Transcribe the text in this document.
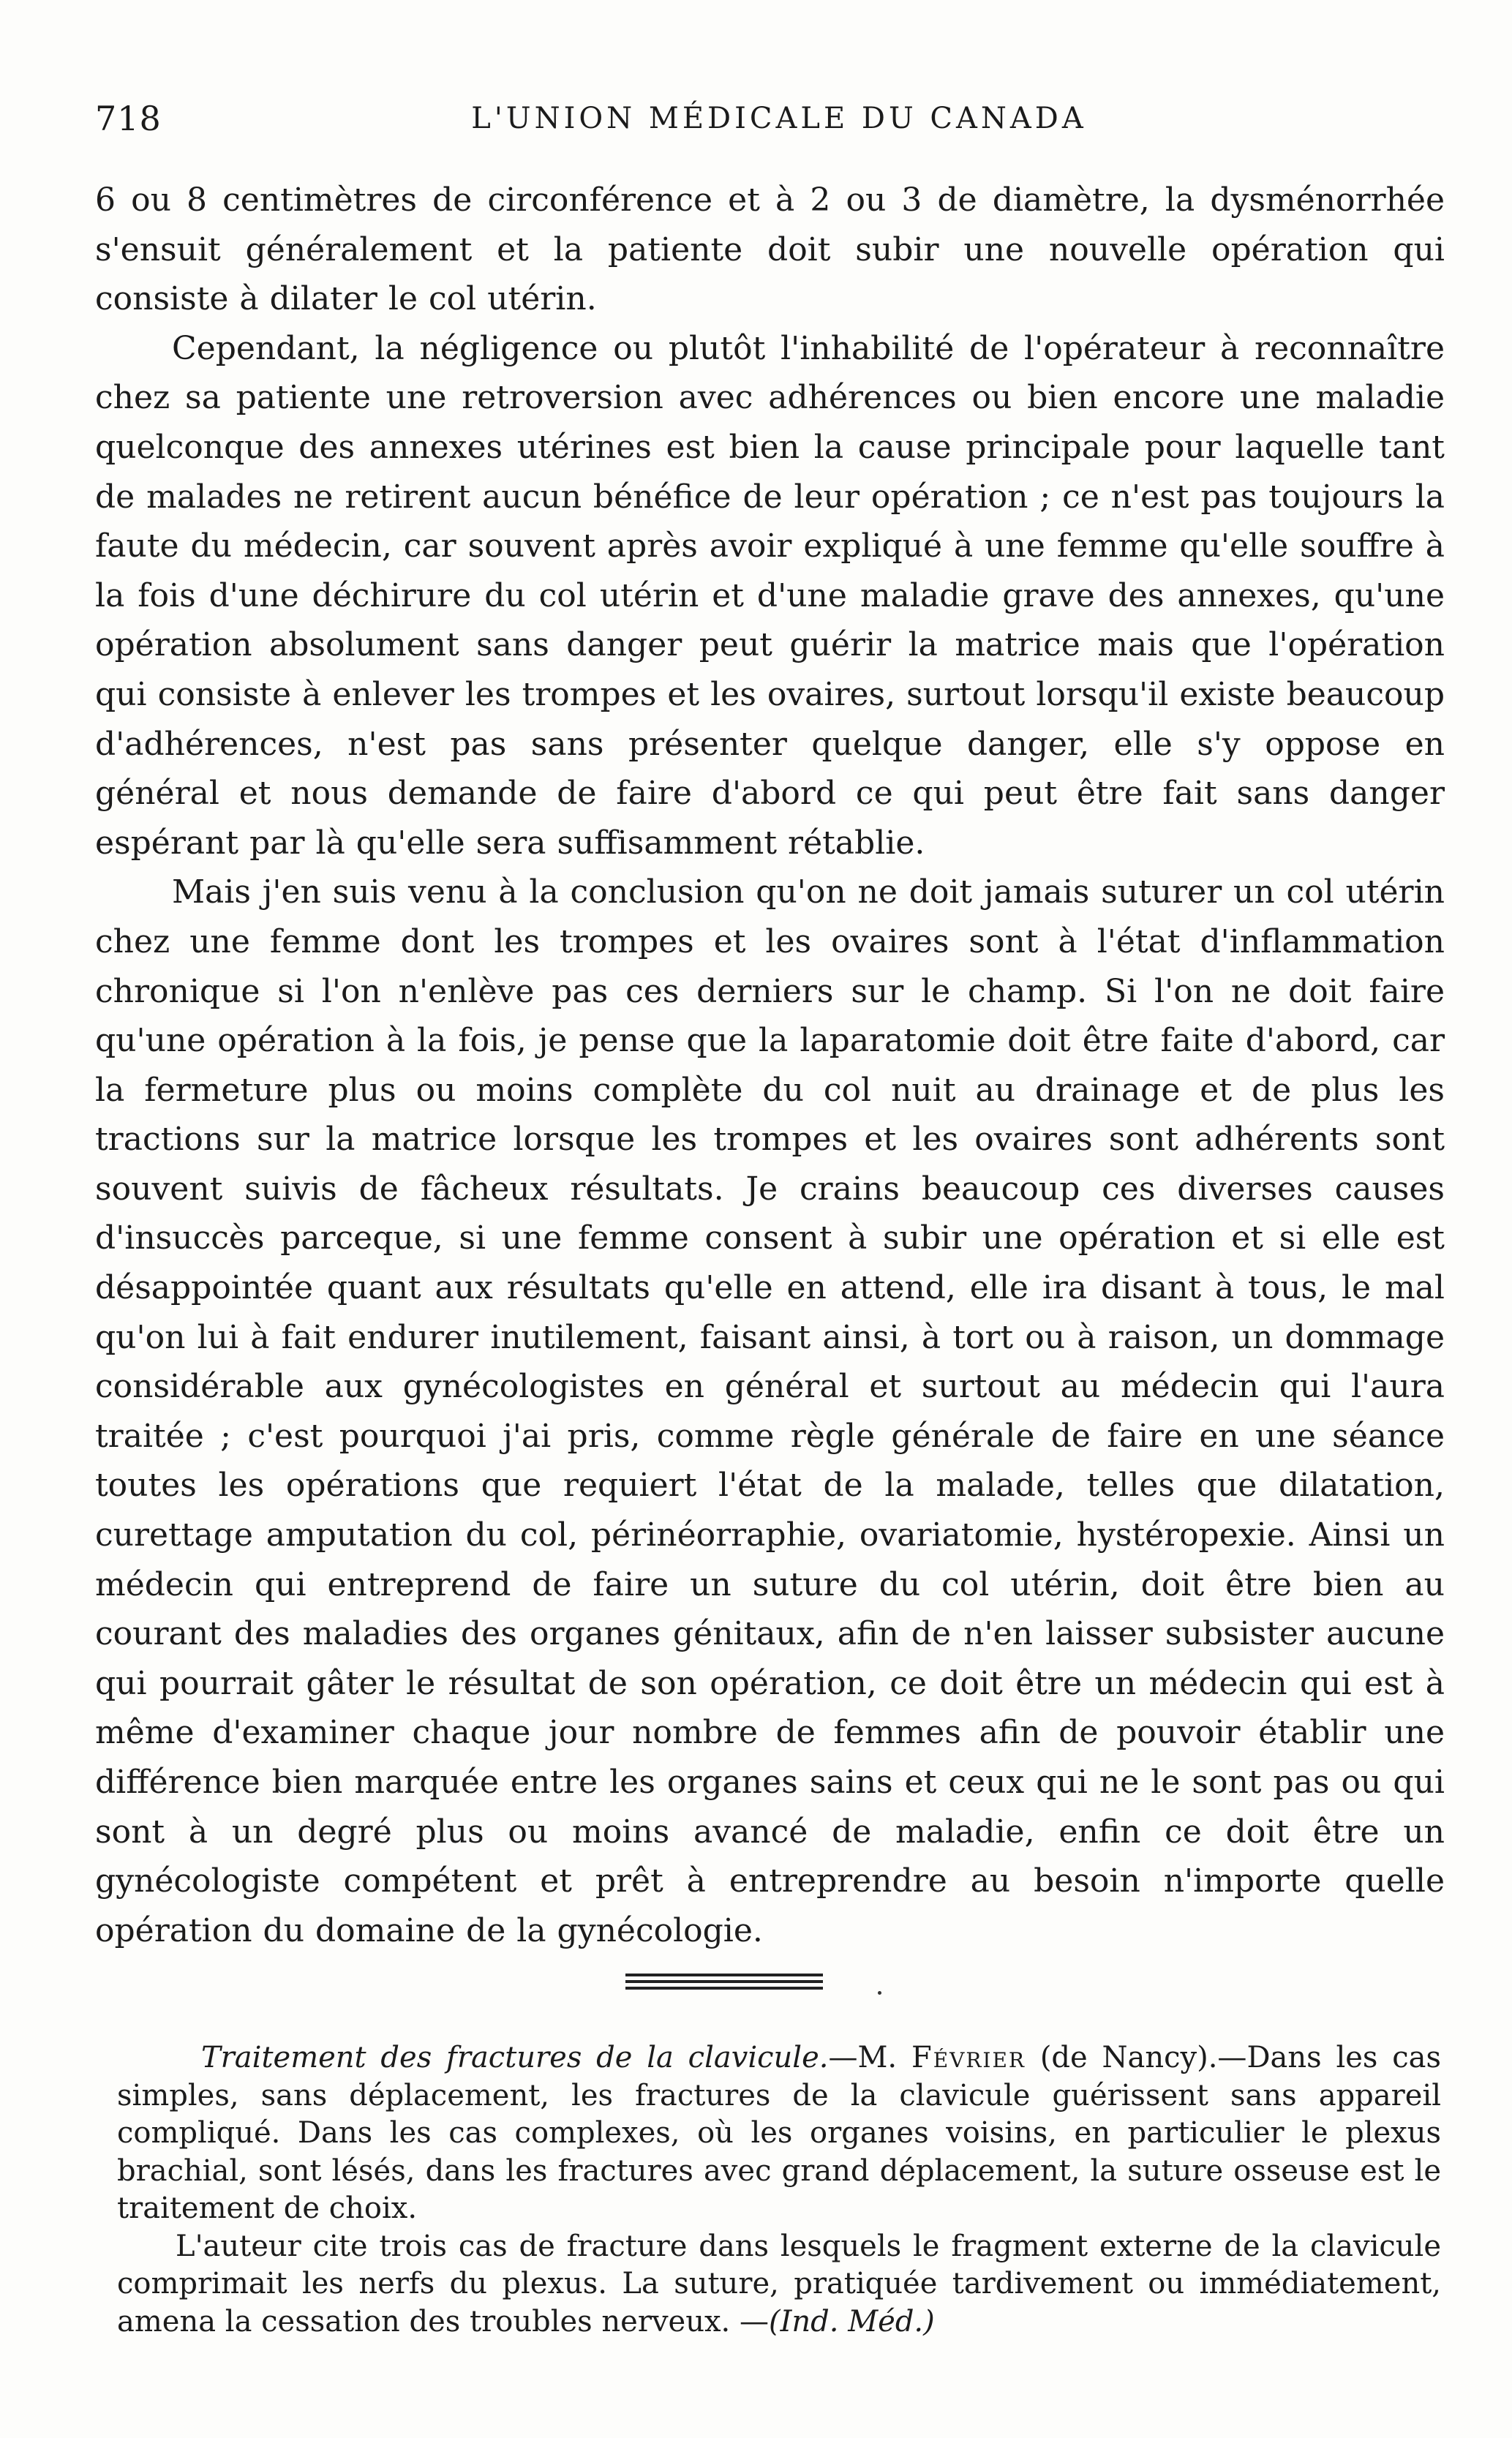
718	L'UNION MÉDICALE DU CANADA

6 ou 8 centimètres de circonférence et à 2 ou 3 de diamètre, la dysménorrhée s'ensuit généralement et la patiente doit subir une nouvelle opération qui consiste à dilater le col utérin.

Cependant, la négligence ou plutôt l'inhabilité de l'opérateur à reconnaître chez sa patiente une retroversion avec adhérences ou bien encore une maladie quelconque des annexes utérines est bien la cause principale pour laquelle tant de malades ne retirent aucun bénéfice de leur opération ; ce n'est pas toujours la faute du médecin, car souvent après avoir expliqué à une femme qu'elle souffre à la fois d'une déchirure du col utérin et d'une maladie grave des annexes, qu'une opération absolument sans danger peut guérir la matrice mais que l'opération qui consiste à enlever les trompes et les ovaires, surtout lorsqu'il existe beaucoup d'adhérences, n'est pas sans présenter quelque danger, elle s'y oppose en général et nous demande de faire d'abord ce qui peut être fait sans danger espérant par là qu'elle sera suffisamment rétablie.

Mais j'en suis venu à la conclusion qu'on ne doit jamais suturer un col utérin chez une femme dont les trompes et les ovaires sont à l'état d'inflammation chronique si l'on n'enlève pas ces derniers sur le champ. Si l'on ne doit faire qu'une opération à la fois, je pense que la laparatomie doit être faite d'abord, car la fermeture plus ou moins complète du col nuit au drainage et de plus les tractions sur la matrice lorsque les trompes et les ovaires sont adhérents sont souvent suivis de fâcheux résultats. Je crains beaucoup ces diverses causes d'insuccès parceque, si une femme consent à subir une opération et si elle est désappointée quant aux résultats qu'elle en attend, elle ira disant à tous, le mal qu'on lui à fait endurer inutilement, faisant ainsi, à tort ou à raison, un dommage considérable aux gynécologistes en général et surtout au médecin qui l'aura traitée ; c'est pourquoi j'ai pris, comme règle générale de faire en une séance toutes les opérations que requiert l'état de la malade, telles que dilatation, curettage amputation du col, périnéorraphie, ovariatomie, hystéropexie. Ainsi un médecin qui entreprend de faire un suture du col utérin, doit être bien au courant des maladies des organes génitaux, afin de n'en laisser subsister aucune qui pourrait gâter le résultat de son opération, ce doit être un médecin qui est à même d'examiner chaque jour nombre de femmes afin de pouvoir établir une différence bien marquée entre les organes sains et ceux qui ne le sont pas ou qui sont à un degré plus ou moins avancé de maladie, enfin ce doit être un gynécologiste compétent et prêt à entreprendre au besoin n'importe quelle opération du domaine de la gynécologie.

Traitement des fractures de la clavicule.—M. Février (de Nancy).—Dans les cas simples, sans déplacement, les fractures de la clavicule guérissent sans appareil compliqué. Dans les cas complexes, où les organes voisins, en particulier le plexus brachial, sont lésés, dans les fractures avec grand déplacement, la suture osseuse est le traitement de choix.

L'auteur cite trois cas de fracture dans lesquels le fragment externe de la clavicule comprimait les nerfs du plexus. La suture, pratiquée tardivement ou immédiatement, amena la cessation des troubles nerveux. —(Ind. Méd.)
